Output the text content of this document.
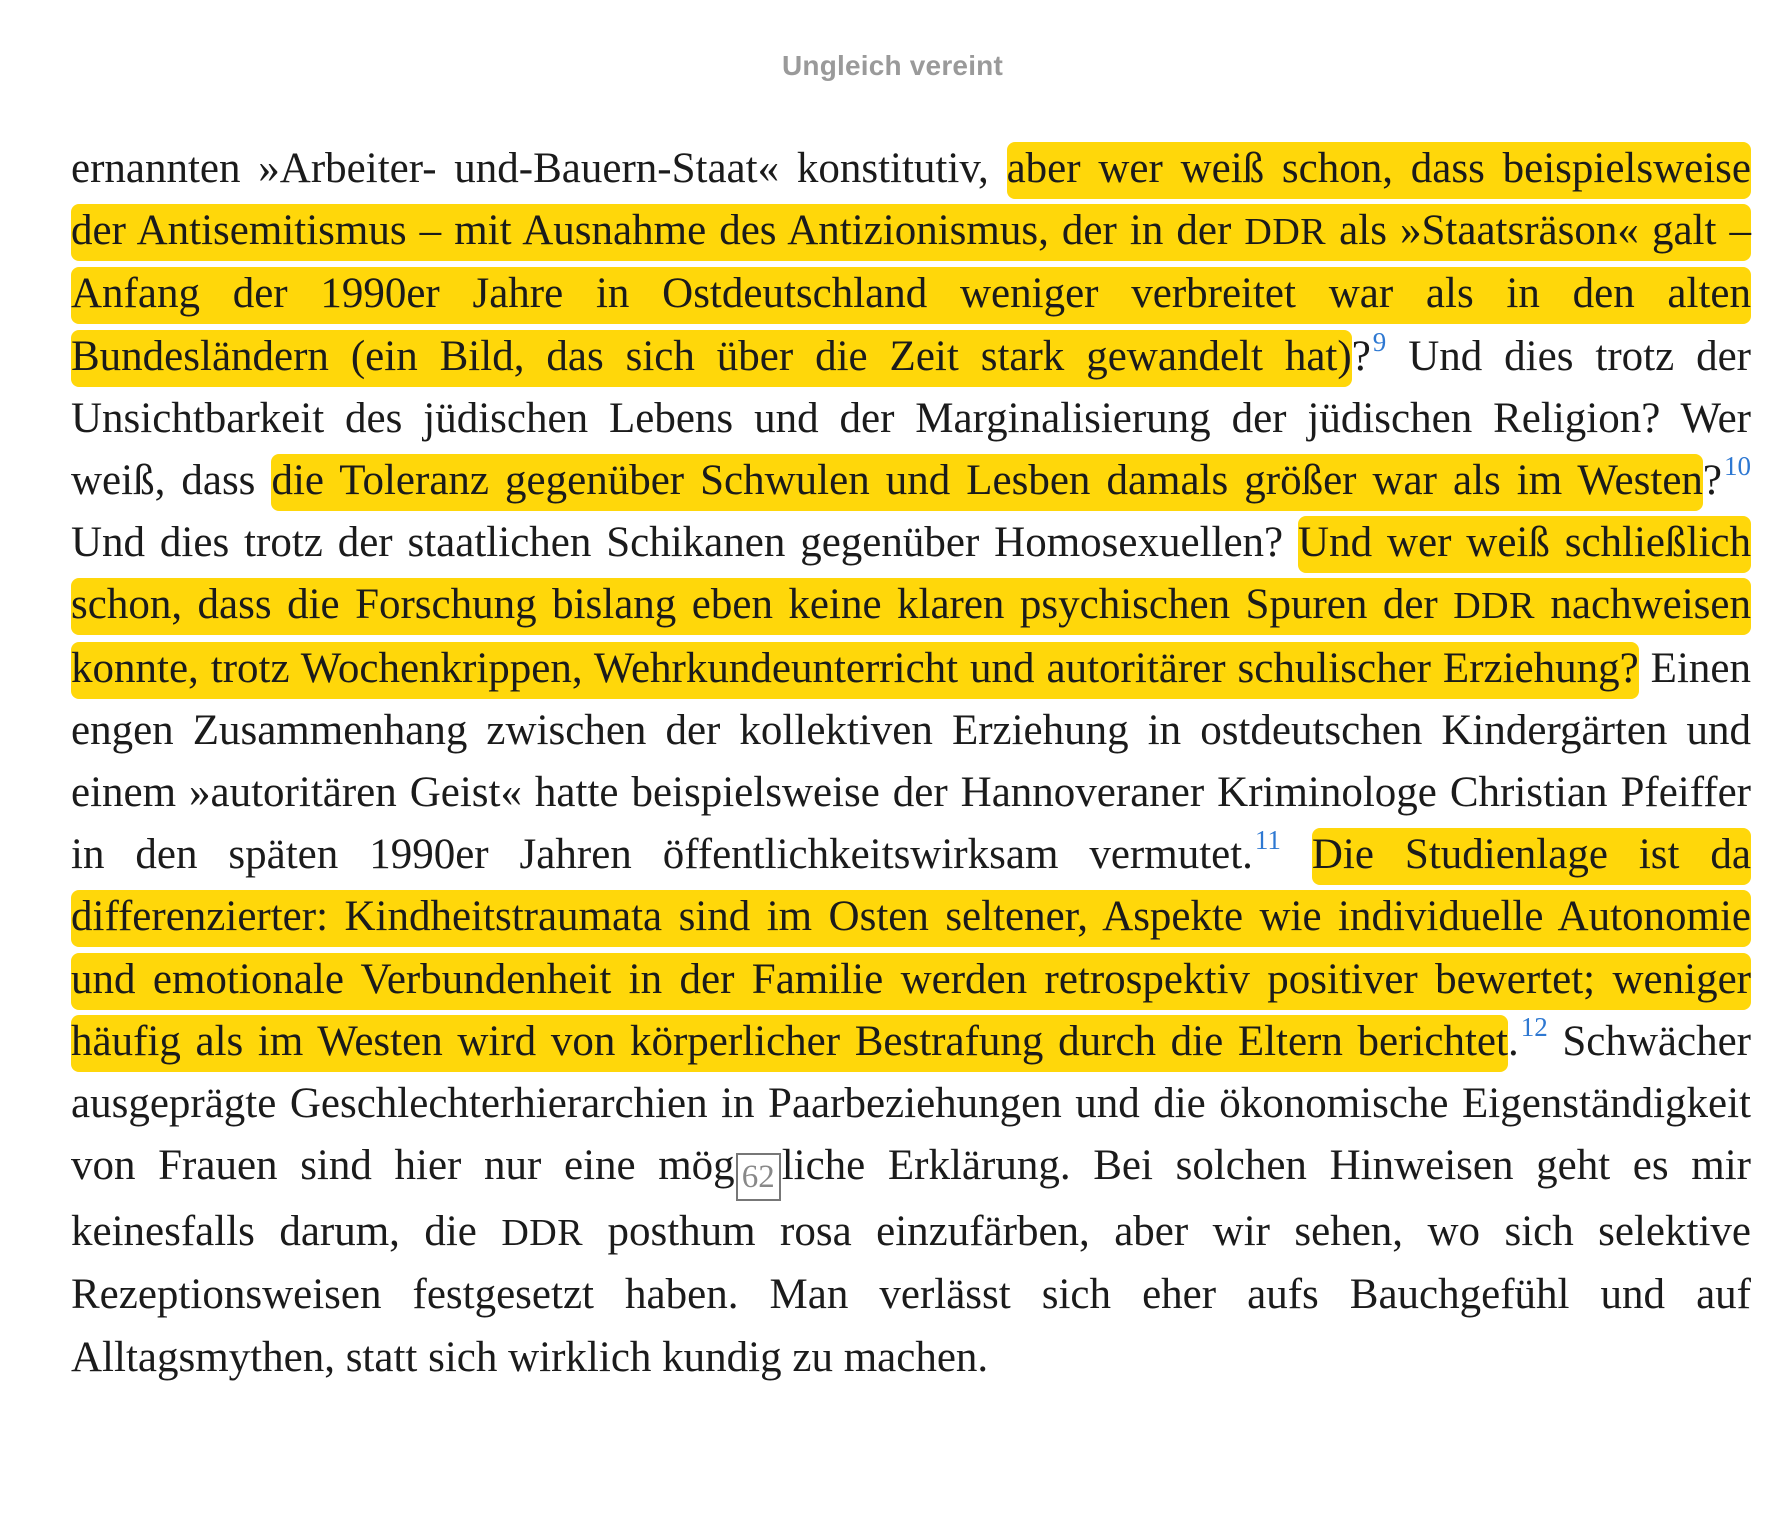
Ungleich vereint

ernannten »Arbeiter- und-Bauern-Staat« konstitutiv, aber wer weiß schon, dass beispielsweise der Antisemitismus – mit Ausnahme des Antizionismus, der in der DDR als »Staatsräson« galt – Anfang der 1990er Jahre in Ostdeutschland weniger verbreitet war als in den alten Bundesländern (ein Bild, das sich über die Zeit stark gewandelt hat)?$^9$ Und dies trotz der Unsichtbarkeit des jüdischen Lebens und der Marginalisierung der jüdischen Religion? Wer weiß, dass die Toleranz gegenüber Schwulen und Lesben damals größer war als im Westen?$^{10}$ Und dies trotz der staatlichen Schikanen gegenüber Homosexuellen? Und wer weiß schließlich schon, dass die Forschung bislang eben keine klaren psychischen Spuren der DDR nachweisen konnte, trotz Wochenkrippen, Wehrkundeunterricht und autoritärer schulischer Erziehung? Einen engen Zusammenhang zwischen der kollektiven Erziehung in ostdeutschen Kindergärten und einem »autoritären Geist« hatte beispielsweise der Hannoveraner Kriminologe Christian Pfeiffer in den späten 1990er Jahren öffentlichkeitswirksam vermutet.$^{11}$ Die Studienlage ist da differenzierter: Kindheitstraumata sind im Osten seltener, Aspekte wie individuelle Autonomie und emotionale Verbundenheit in der Familie werden retrospektiv positiver bewertet; weniger häufig als im Westen wird von körperlicher Bestrafung durch die Eltern berichtet.$^{12}$ Schwächer ausgeprägte Geschlechterhierarchien in Paarbeziehungen und die ökonomische Eigenständigkeit von Frauen sind hier nur eine mög 62 liche Erklärung. Bei solchen Hinweisen geht es mir keinesfalls darum, die DDR posthum rosa einzufärben, aber wir sehen, wo sich selektive Rezeptionsweisen festgesetzt haben. Man verlässt sich eher aufs Bauchgefühl und auf Alltagsmythen, statt sich wirklich kundig zu machen.
